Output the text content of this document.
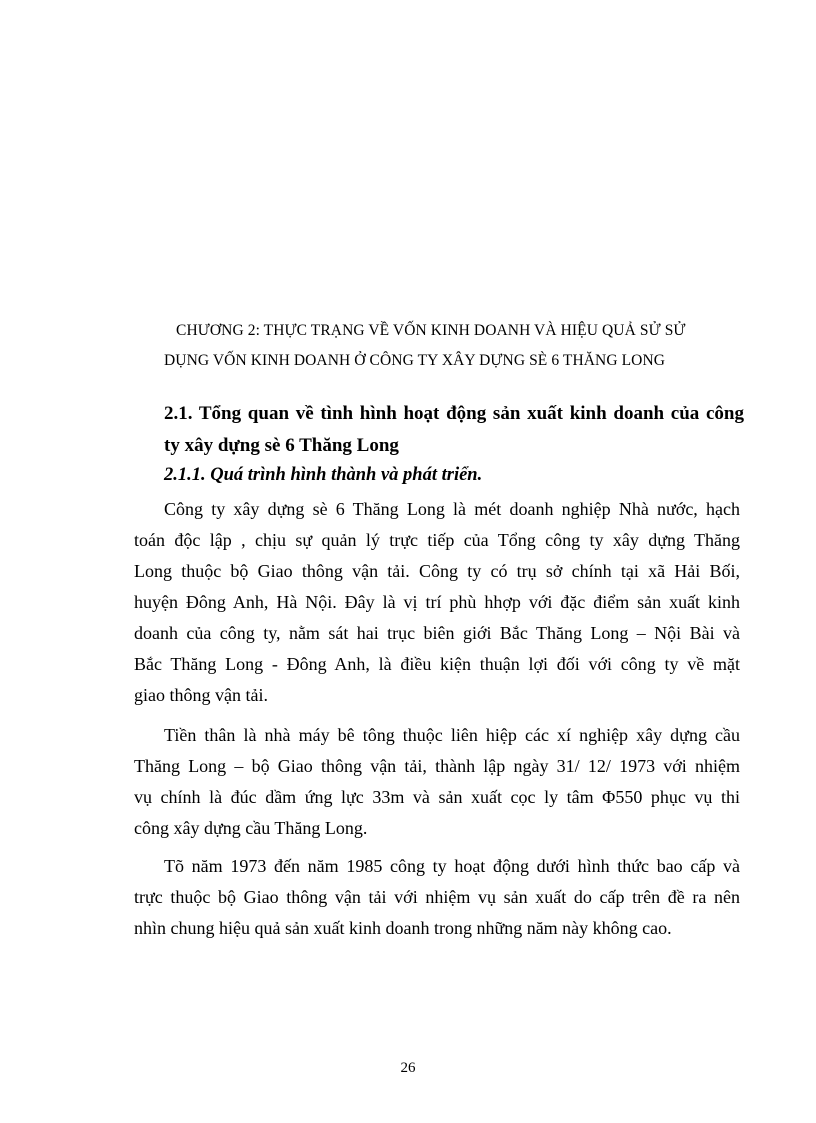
CHƯƠNG 2: THỰC TRẠNG VỀ VỐN KINH DOANH VÀ HIỆU QUẢ SỬ SỬ
DỤNG VỐN KINH DOANH Ở CÔNG TY XÂY DỰNG SÈ 6 THĂNG LONG
2.1. Tổng quan về tình hình hoạt động sản xuất kinh doanh của công
ty xây dựng sè 6 Thăng Long
2.1.1. Quá trình hình thành và phát triển.

Công ty xây dựng sè 6 Thăng Long là mét doanh nghiệp Nhà nước, hạch
toán độc lập , chịu sự quản lý trực tiếp của Tổng công ty xây dựng Thăng
Long thuộc bộ Giao thông vận tải. Công ty có trụ sở chính tại xã Hải Bối,
huyện Đông Anh, Hà Nội. Đây là vị trí phù hhợp với đặc điểm sản xuất kinh
doanh của công ty, nằm sát hai trục biên giới Bắc Thăng Long – Nội Bài và
Bắc Thăng Long - Đông Anh, là điều kiện thuận lợi đối với công ty về mặt
giao thông vận tải.

Tiền thân là nhà máy bê tông thuộc liên hiệp các xí nghiệp xây dựng cầu
Thăng Long – bộ Giao thông vận tải, thành lập ngày 31/ 12/ 1973 với nhiệm
vụ chính là đúc dầm ứng lực 33m và sản xuất cọc ly tâm Φ550 phục vụ thi
công xây dựng cầu Thăng Long.

Tõ năm 1973 đến năm 1985 công ty hoạt động dưới hình thức bao cấp và
trực thuộc bộ Giao thông vận tải với nhiệm vụ sản xuất do cấp trên đề ra nên
nhìn chung hiệu quả sản xuất kinh doanh trong những năm này không cao.

26
